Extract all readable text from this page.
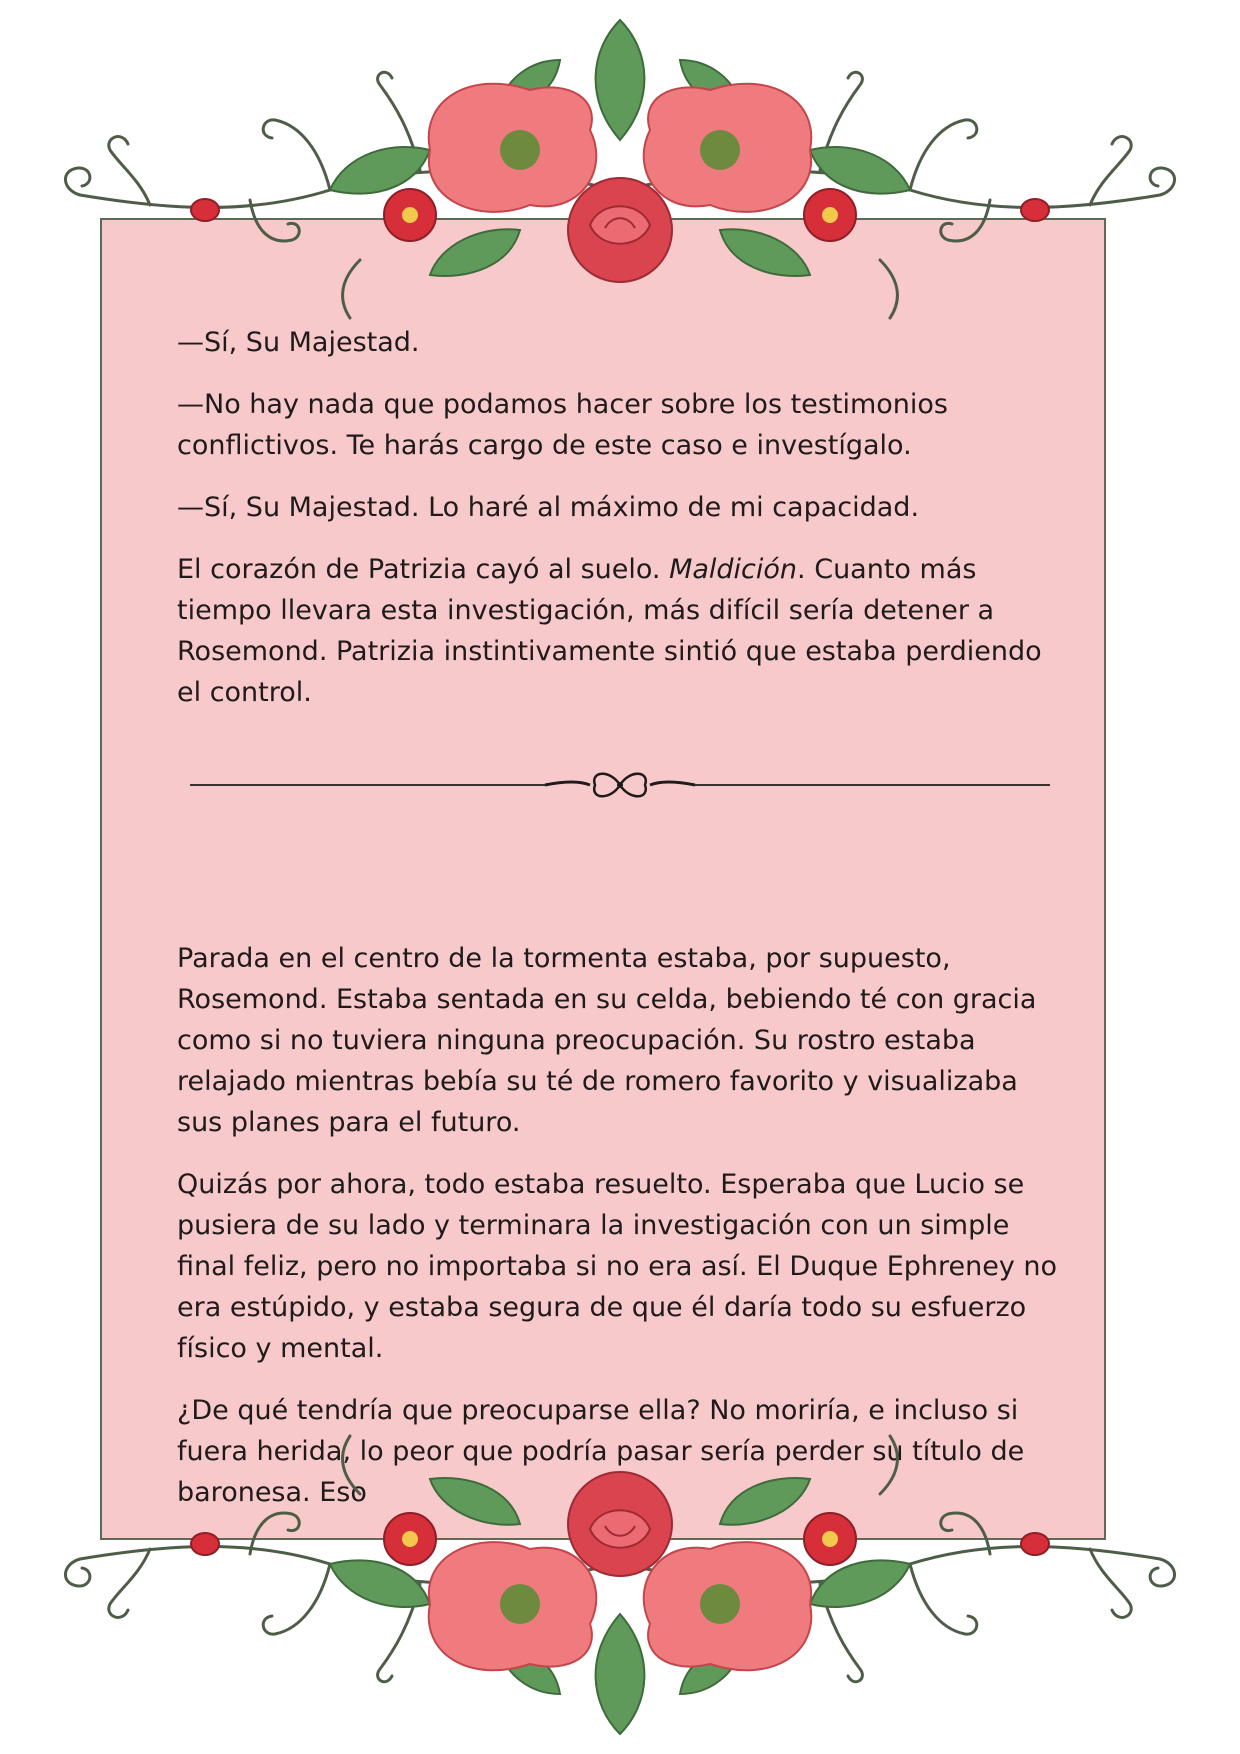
—Sí, Su Majestad.

—No hay nada que podamos hacer sobre los testimonios conflictivos. Te harás cargo de este caso e investígalo.

—Sí, Su Majestad. Lo haré al máximo de mi capacidad.

El corazón de Patrizia cayó al suelo. Maldición. Cuanto más tiempo llevara esta investigación, más difícil sería detener a Rosemond. Patrizia instintivamente sintió que estaba perdiendo el control.

Parada en el centro de la tormenta estaba, por supuesto, Rosemond. Estaba sentada en su celda, bebiendo té con gracia como si no tuviera ninguna preocupación. Su rostro estaba relajado mientras bebía su té de romero favorito y visualizaba sus planes para el futuro.

Quizás por ahora, todo estaba resuelto. Esperaba que Lucio se pusiera de su lado y terminara la investigación con un simple final feliz, pero no importaba si no era así. El Duque Ephreney no era estúpido, y estaba segura de que él daría todo su esfuerzo físico y mental.

¿De qué tendría que preocuparse ella? No moriría, e incluso si fuera herida, lo peor que podría pasar sería perder su título de baronesa. Eso
